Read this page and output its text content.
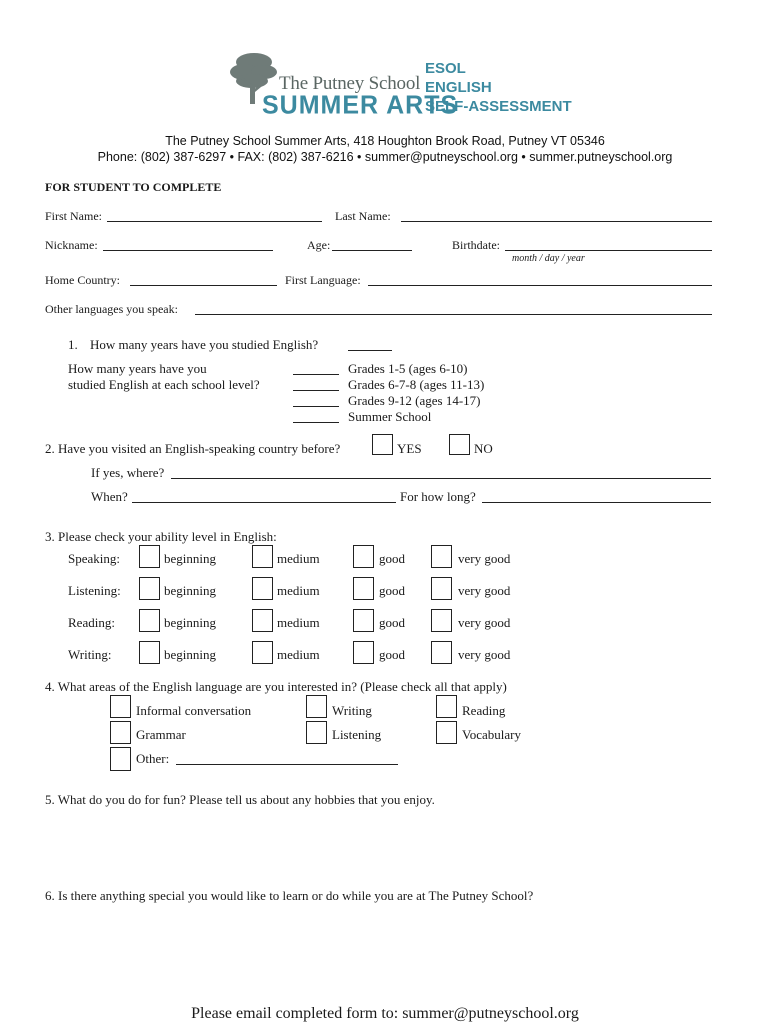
The Putney School
SUMMER ARTS
ESOL
ENGLISH
SELF-ASSESSMENT
The Putney School Summer Arts, 418 Houghton Brook Road, Putney VT 05346
Phone: (802) 387-6297 • FAX: (802) 387-6216 • summer@putneyschool.org • summer.putneyschool.org
FOR STUDENT TO COMPLETE
First Name:	Last Name:
Nickname:	Age:	Birthdate:
month / day / year
Home Country:	First Language:
Other languages you speak:
1. How many years have you studied English?
How many years have you
studied English at each school level?
Grades 1-5 (ages 6-10)
Grades 6-7-8 (ages 11-13)
Grades 9-12 (ages 14-17)
Summer School
2. Have you visited an English-speaking country before?	YES	NO
If yes, where?
When?	For how long?
3. Please check your ability level in English:
Speaking:	beginning	medium	good	very good
Listening:	beginning	medium	good	very good
Reading:	beginning	medium	good	very good
Writing:	beginning	medium	good	very good
4. What areas of the English language are you interested in? (Please check all that apply)
Informal conversation	Writing	Reading
Grammar	Listening	Vocabulary
Other:
5. What do you do for fun? Please tell us about any hobbies that you enjoy.
6. Is there anything special you would like to learn or do while you are at The Putney School?
Please email completed form to: summer@putneyschool.org
